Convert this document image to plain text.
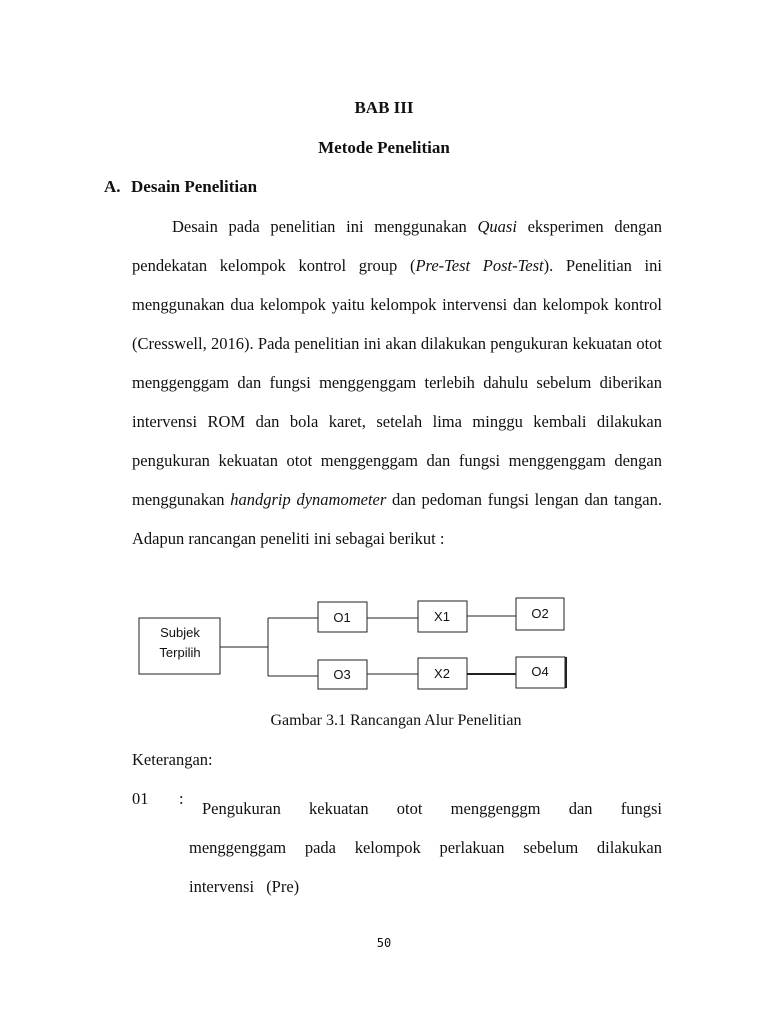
BAB III
Metode Penelitian
A. Desain Penelitian

Desain pada penelitian ini menggunakan Quasi eksperimen dengan pendekatan kelompok kontrol group (Pre-Test Post-Test). Penelitian ini menggunakan dua kelompok yaitu kelompok intervensi dan kelompok kontrol (Cresswell, 2016). Pada penelitian ini akan dilakukan pengukuran kekuatan otot menggenggam dan fungsi menggenggam terlebih dahulu sebelum diberikan intervensi ROM dan bola karet, setelah lima minggu kembali dilakukan pengukuran kekuatan otot menggenggam dan fungsi menggenggam dengan menggunakan handgrip dynamometer dan pedoman fungsi lengan dan tangan. Adapun rancangan peneliti ini sebagai berikut :

Subjek
Terpilih
O1	X1	O2
O3	X2	O4

Gambar 3.1 Rancangan Alur Penelitian

Keterangan:

01 :

Pengukuran kekuatan otot menggenggm dan fungsi menggenggam pada kelompok perlakuan sebelum dilakukan intervensi (Pre)

50
